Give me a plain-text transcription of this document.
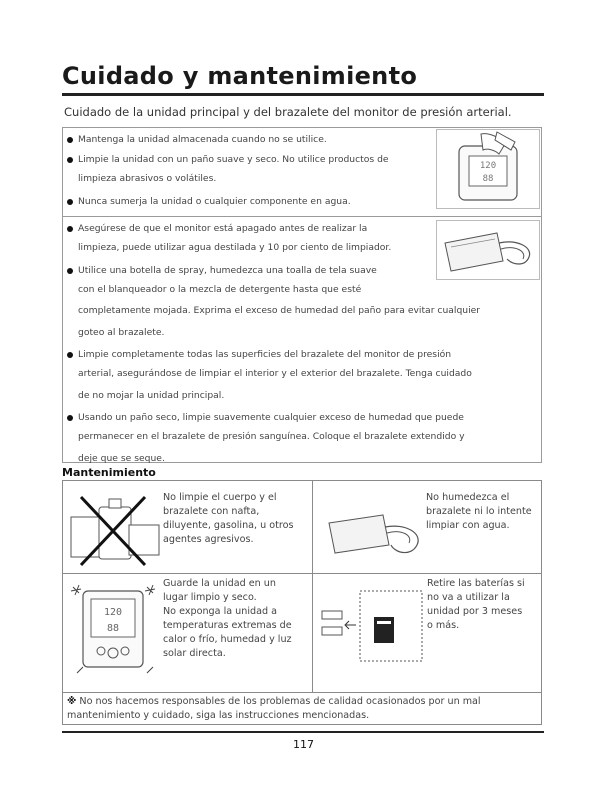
Cuidado y mantenimiento
Cuidado de la unidad principal y del brazalete del monitor de presión arterial.
Mantenga la unidad almacenada cuando no se utilice.
Limpie la unidad con un paño suave y seco. No utilice productos de
limpieza abrasivos o volátiles.
Nunca sumerja la unidad o cualquier componente en agua.
Asegúrese de que el monitor está apagado antes de realizar la
limpieza, puede utilizar agua destilada y 10 por ciento de limpiador.
Utilice una botella de spray, humedezca una toalla de tela suave
con el blanqueador o la mezcla de detergente hasta que esté
completamente mojada. Exprima el exceso de humedad del paño para evitar cualquier
goteo al brazalete.
Limpie completamente todas las superficies del brazalete del monitor de presión
arterial, asegurándose de limpiar el interior y el exterior del brazalete. Tenga cuidado
de no mojar la unidad principal.
Usando un paño seco, limpie suavemente cualquier exceso de humedad que puede
permanecer en el brazalete de presión sanguínea. Coloque el brazalete extendido y
deje que se seque.
120
88
Mantenimiento
No limpie el cuerpo y el
brazalete con nafta,
diluyente, gasolina, u otros
agentes agresivos.
No humedezca el
brazalete ni lo intente
limpiar con agua.
120
88
Guarde la unidad en un
lugar limpio y seco.
No exponga la unidad a
temperaturas extremas de
calor o frío, humedad y luz
solar directa.
Retire las baterías si
no va a utilizar la
unidad por 3 meses
o más.
※ No nos hacemos responsables de los problemas de calidad ocasionados por un mal mantenimiento y cuidado, siga las instrucciones mencionadas.
117
